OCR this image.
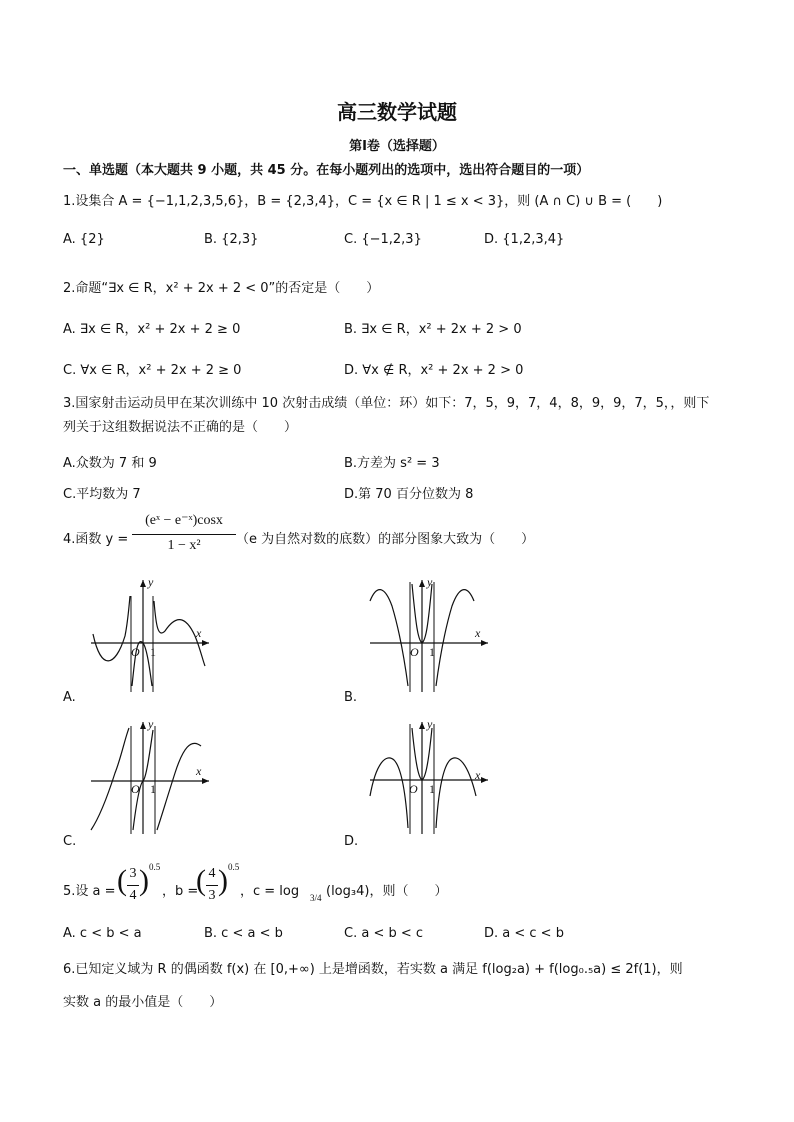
高三数学试题
第Ⅰ卷（选择题）
一、单选题（本大题共 9 小题，共 45 分。在每小题列出的选项中，选出符合题目的一项）
1.设集合 A = {−1,1,2,3,5,6}，B = {2,3,4}，C = {x ∈ R | 1 ≤ x < 3}，则 (A ∩ C) ∪ B = (　　)
A. {2}	B. {2,3}	C. {−1,2,3}	D. {1,2,3,4}
2.命题“∃x ∈ R，x² + 2x + 2 < 0”的否定是（　　）
A. ∃x ∈ R，x² + 2x + 2 ≥ 0	B. ∃x ∈ R，x² + 2x + 2 > 0
C. ∀x ∈ R，x² + 2x + 2 ≥ 0	D. ∀x ∉ R，x² + 2x + 2 > 0
3.国家射击运动员甲在某次训练中 10 次射击成绩（单位：环）如下：7，5，9，7，4，8，9，9，7，5，，则下
列关于这组数据说法不正确的是（　　）
A.众数为 7 和 9	B.方差为 s² = 3
C.平均数为 7	D.第 70 百分位数为 8
4.函数 y =
(eˣ − e⁻ˣ)cosx
1 − x²	（e 为自然对数的底数）的部分图象大致为（　　）
y
x
O 1
A.
y
x
O 1
B.
y
x
O 1
C.
y
x
O 1
D.
5.设 a = ( 3
4 ) 0.5
，b =
( 4
3 ) 0.5
，c = log 3/4 (log₃4)，则（　　）
A. c < b < a	B. c < a < b	C. a < b < c	D. a < c < b
6.已知定义域为 R 的偶函数 f(x) 在 [0,+∞) 上是增函数，若实数 a 满足 f(log₂a) + f(log₀.₅a) ≤ 2f(1)，则
实数 a 的最小值是（　　）
